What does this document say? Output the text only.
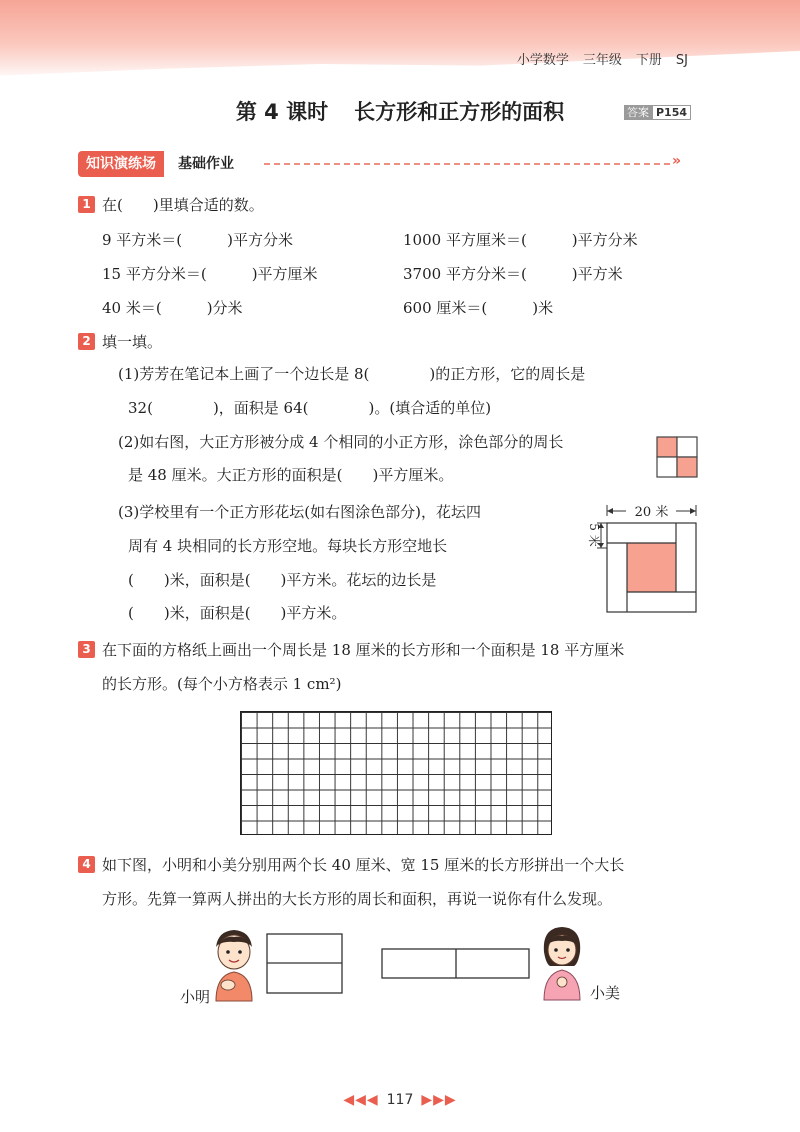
小学数学 三年级 下册 SJ
第 4 课时 长方形和正方形的面积	答案 P154
知识演练场	基础作业	»
1 在(　　)里填合适的数。
9 平方米＝(　　　)平方分米	1000 平方厘米＝(　　　)平方分米
15 平方分米＝(　　　)平方厘米	3700 平方分米＝(　　　)平方米
40 米＝(　　　)分米	600 厘米＝(　　　)米
2 填一填。
(1)芳芳在笔记本上画了一个边长是 8(　　　　)的正方形，它的周长是
32(　　　　)，面积是 64(　　　　)。(填合适的单位)
(2)如右图，大正方形被分成 4 个相同的小正方形，涂色部分的周长
是 48 厘米。大正方形的面积是(　　)平方厘米。
(3)学校里有一个正方形花坛(如右图涂色部分)，花坛四
周有 4 块相同的长方形空地。每块长方形空地长
(　　)米，面积是(　　)平方米。花坛的边长是
(　　)米，面积是(　　)平方米。
20 米
5 米
3 在下面的方格纸上画出一个周长是 18 厘米的长方形和一个面积是 18 平方厘米
的长方形。(每个小方格表示 1 cm²)
4 如下图，小明和小美分别用两个长 40 厘米、宽 15 厘米的长方形拼出一个大长
方形。先算一算两人拼出的大长方形的周长和面积，再说一说你有什么发现。
小明	小美
◀◀◀ 117 ▶▶▶
